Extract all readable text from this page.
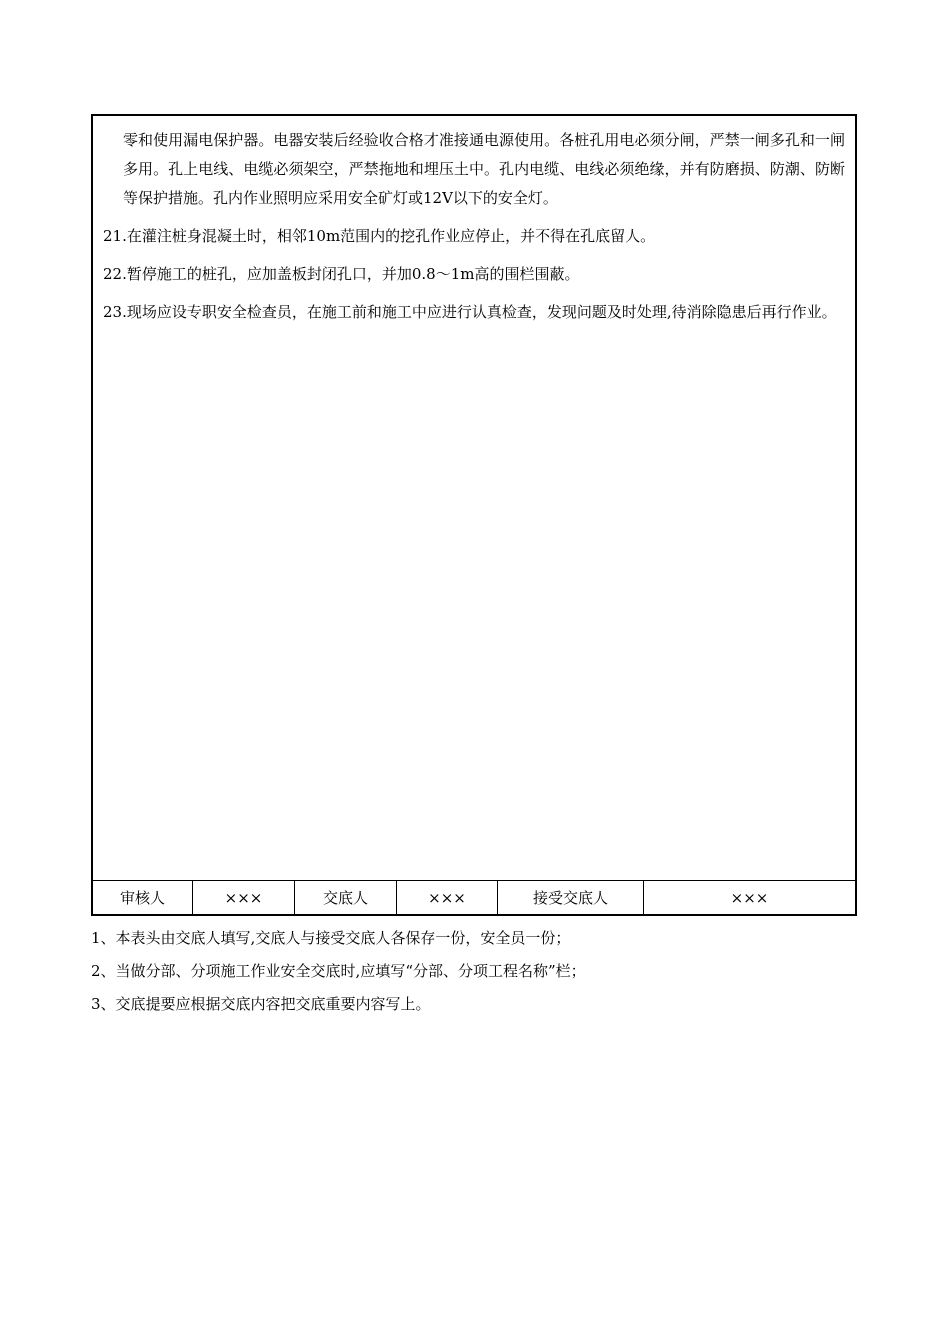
零和使用漏电保护器。电器安装后经验收合格才准接通电源使用。各桩孔用电必须分闸，严禁一闸多孔和一闸多用。孔上电线、电缆必须架空，严禁拖地和埋压土中。孔内电缆、电线必须绝缘，并有防磨损、防潮、防断等保护措施。孔内作业照明应采用安全矿灯或12V以下的安全灯。

21.在灌注桩身混凝土时，相邻10m范围内的挖孔作业应停止，并不得在孔底留人。

22.暂停施工的桩孔，应加盖板封闭孔口，并加0.8～1m高的围栏围蔽。

23.现场应设专职安全检查员，在施工前和施工中应进行认真检查，发现问题及时处理,待消除隐患后再行作业。

审核人	×××	交底人	×××	接受交底人	×××

1、本表头由交底人填写,交底人与接受交底人各保存一份，安全员一份；

2、当做分部、分项施工作业安全交底时,应填写“分部、分项工程名称”栏；

3、交底提要应根据交底内容把交底重要内容写上。
